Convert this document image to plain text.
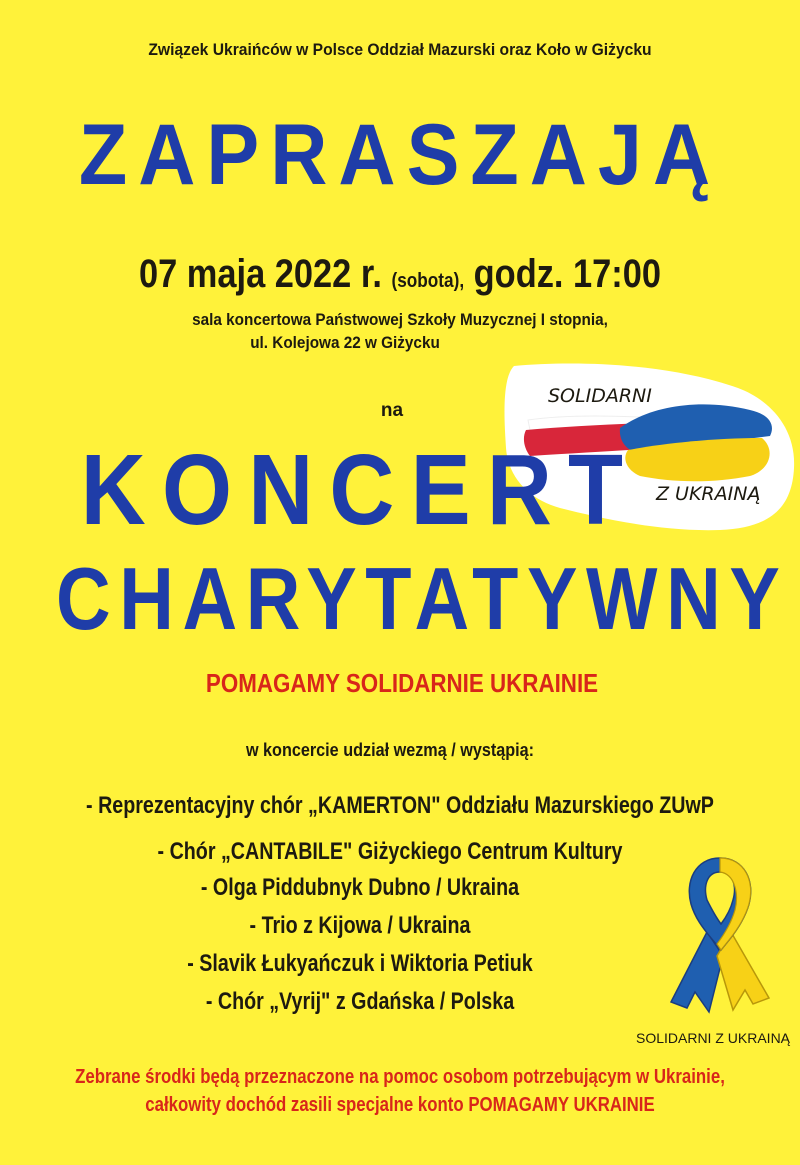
Związek Ukraińców w Polsce Oddział Mazurski oraz Koło w Giżycku
ZAPRASZAJĄ
07 maja 2022 r. (sobota), godz. 17:00
sala koncertowa Państwowej Szkoły Muzycznej I stopnia,
ul. Kolejowa 22 w Giżycku
na
SOLIDARNI
Z UKRAINĄ
KONCERT
CHARYTATYWNY
POMAGAMY SOLIDARNIE UKRAINIE
w koncercie udział wezmą / wystąpią:
- Reprezentacyjny chór „KAMERTON" Oddziału Mazurskiego ZUwP
- Chór „CANTABILE" Giżyckiego Centrum Kultury
- Olga Piddubnyk Dubno / Ukraina
- Trio z Kijowa / Ukraina
- Slavik Łukyańczuk i Wiktoria Petiuk
- Chór „Vyrij" z Gdańska / Polska
SOLIDARNI Z UKRAINĄ
Zebrane środki będą przeznaczone na pomoc osobom potrzebującym w Ukrainie,
całkowity dochód zasili specjalne konto POMAGAMY UKRAINIE
